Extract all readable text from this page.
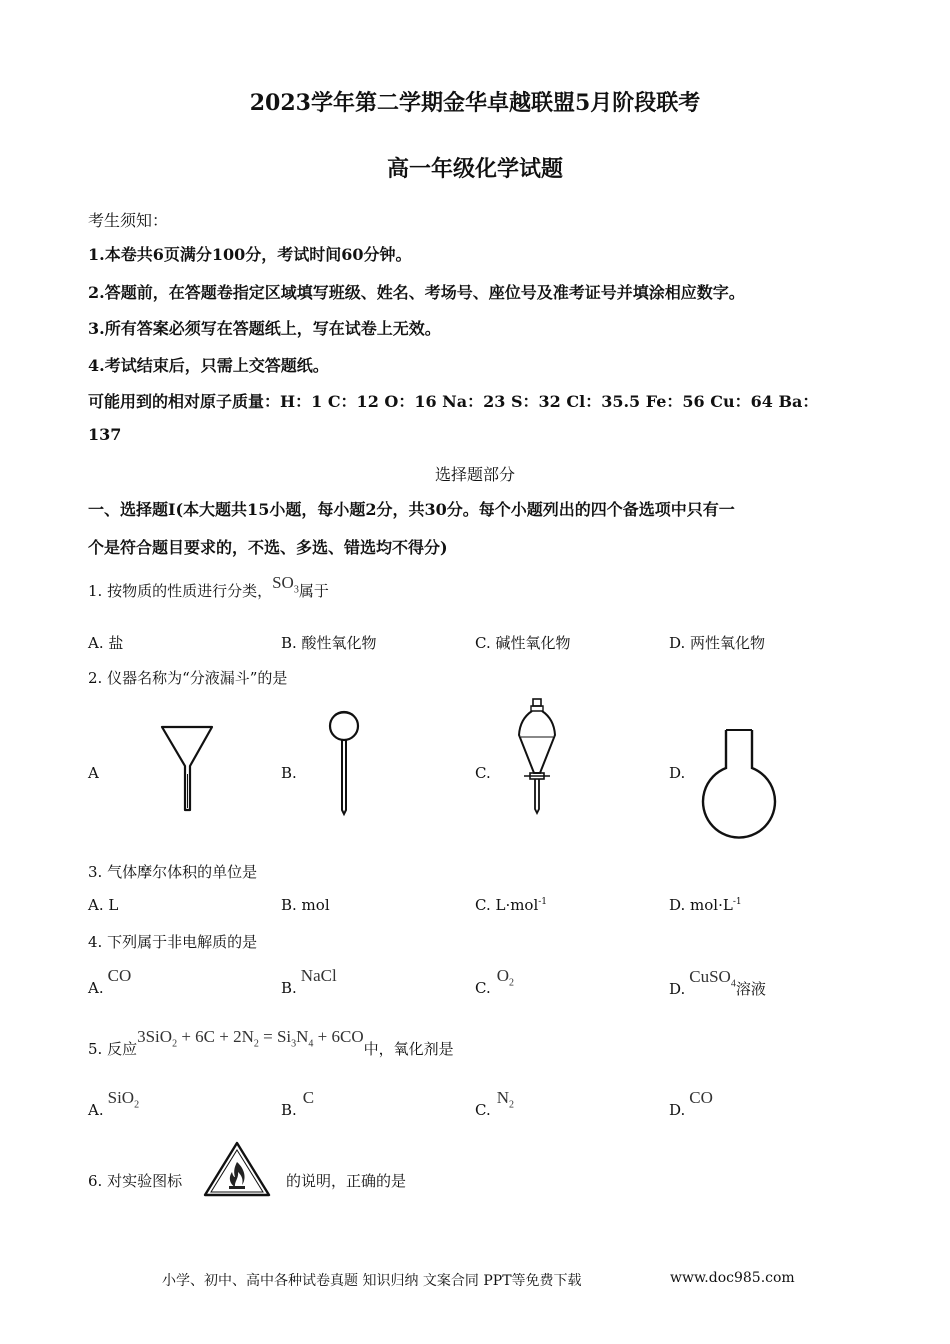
2023学年第二学期金华卓越联盟5月阶段联考
高一年级化学试题
考生须知：
1.本卷共6页满分100分，考试时间60分钟。
2.答题前，在答题卷指定区域填写班级、姓名、考场号、座位号及准考证号并填涂相应数字。
3.所有答案必须写在答题纸上，写在试卷上无效。
4.考试结束后，只需上交答题纸。
可能用到的相对原子质量：H：1 C：12 O：16 Na：23 S：32 Cl：35.5 Fe：56 Cu：64 Ba：
137
选择题部分
一、选择题I(本大题共15小题，每小题2分，共30分。每个小题列出的四个备选项中只有一
个是符合题目要求的，不选、多选、错选均不得分)
1. 按物质的性质进行分类，$SO_3$属于
A. 盐	B. 酸性氧化物	C. 碱性氧化物	D. 两性氧化物
2. 仪器名称为“分液漏斗”的是
A	B.	C.	D.
3. 气体摩尔体积的单位是
A. L	B. mol	C. L·mol$^{-1}$	D. $mol\cdot L^{-1}$
4. 下列属于非电解质的是
A.CO
B.NaCl
$C.O_2$	D.CuSO$_4$溶液
5. 反应$3SiO_2 + 6C + 2N_2 = Si_3N_4 + 6CO$中，氧化剂是
A.SiO$_2$	B.C
$C.N_2$	D.CO
6. 对实验图标	的说明，正确的是
小学、初中、高中各种试卷真题 知识归纳 文案合同 PPT等免费下载	www.doc985.com
